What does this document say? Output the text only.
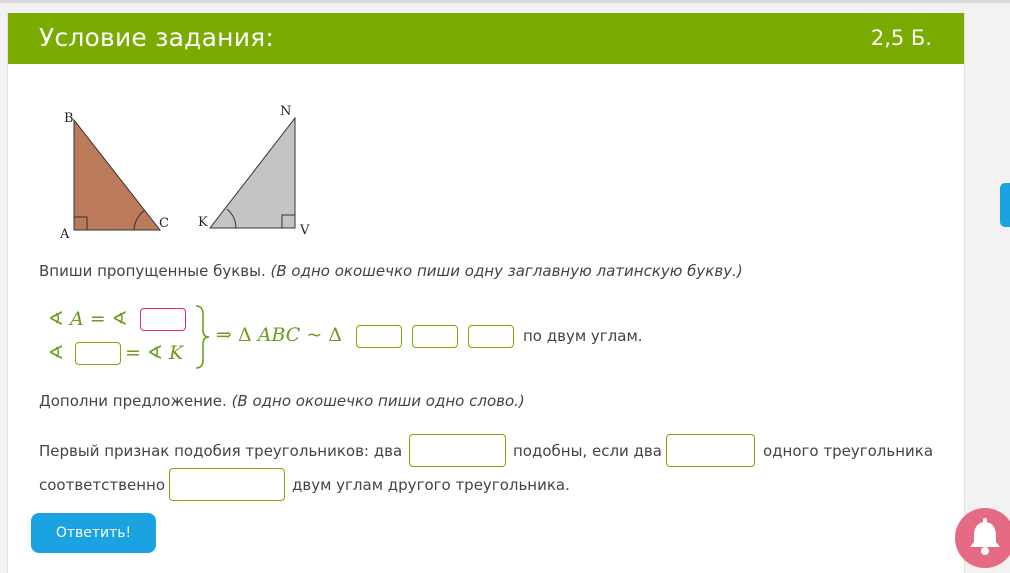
Условие задания:	2,5 Б.
B
A
C
N
K
V
Впиши пропущенные буквы. (В одно окошечко пиши одну заглавную латинскую букву.)
∢ A = ∢
∢	= ∢ K
⇒ Δ ABC ~ Δ	по двум углам.
Дополни предложение. (В одно окошечко пиши одно слово.)
Первый признак подобия треугольников: два	подобны, если два	одного треугольника
соответственно	двум углам другого треугольника.
Ответить!
